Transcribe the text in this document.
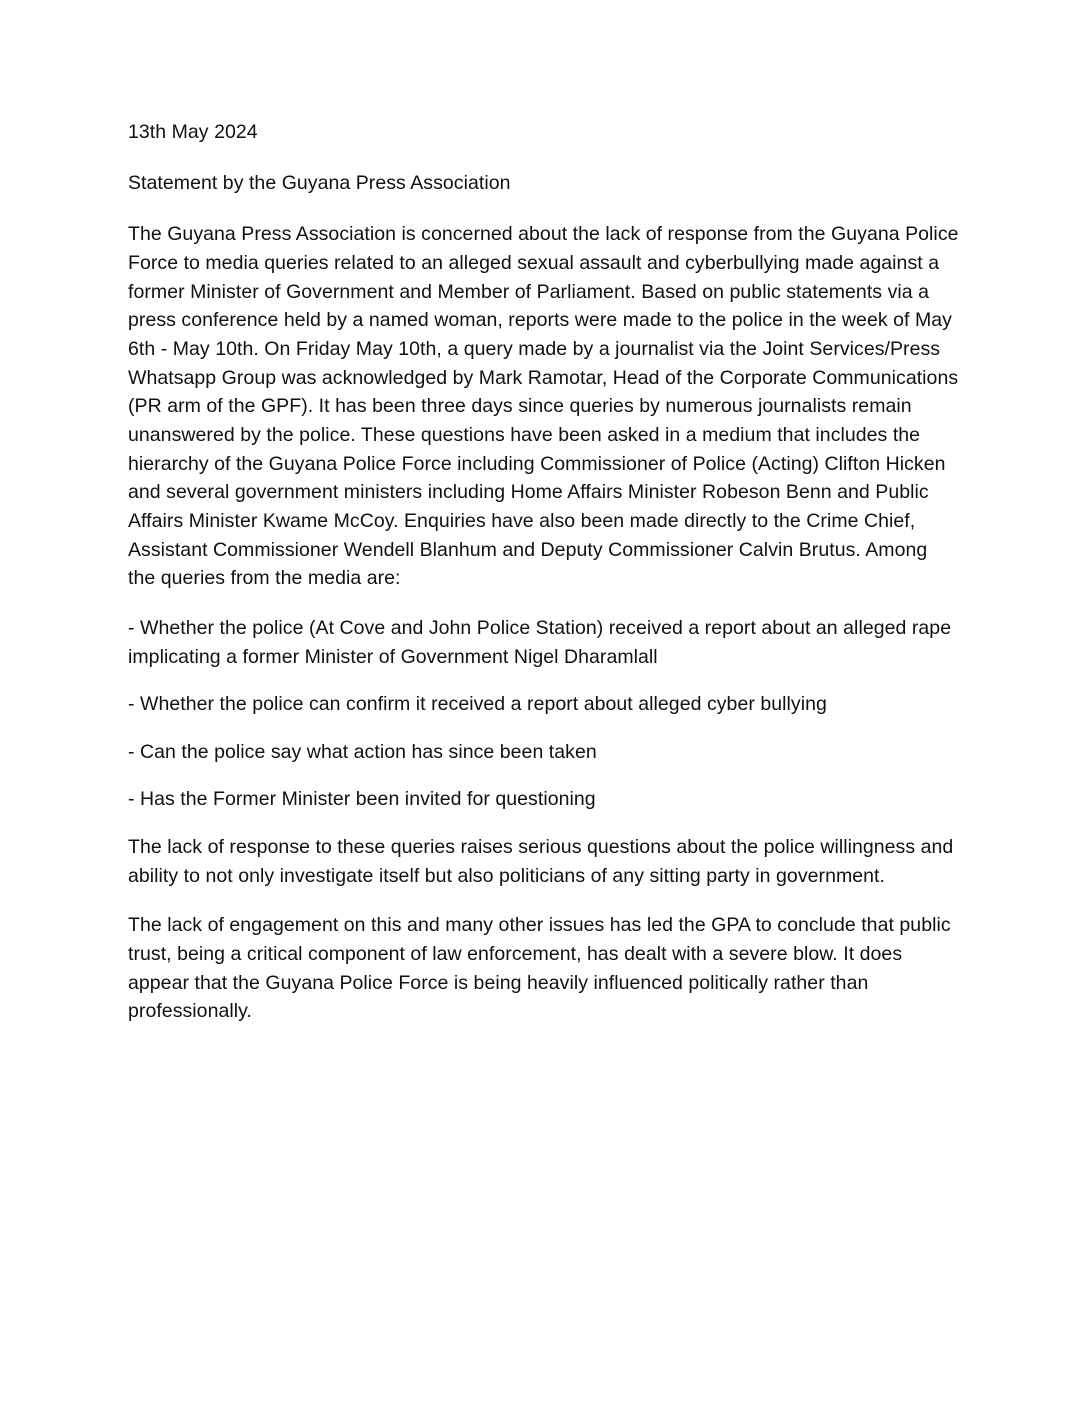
13th May 2024

Statement by the Guyana Press Association

The Guyana Press Association is concerned about the lack of response from the Guyana Police Force to media queries related to an alleged sexual assault and cyberbullying made against a former Minister of Government and Member of Parliament. Based on public statements via a press conference held by a named woman, reports were made to the police in the week of May 6th - May 10th. On Friday May 10th, a query made by a journalist via the Joint Services/Press Whatsapp Group was acknowledged by Mark Ramotar, Head of the Corporate Communications (PR arm of the GPF). It has been three days since queries by numerous journalists remain unanswered by the police. These questions have been asked in a medium that includes the hierarchy of the Guyana Police Force including Commissioner of Police (Acting) Clifton Hicken and several government ministers including Home Affairs Minister Robeson Benn and Public Affairs Minister Kwame McCoy. Enquiries have also been made directly to the Crime Chief, Assistant Commissioner Wendell Blanhum and Deputy Commissioner Calvin Brutus. Among the queries from the media are:

- Whether the police (At Cove and John Police Station) received a report about an alleged rape implicating a former Minister of Government Nigel Dharamlall

- Whether the police can confirm it received a report about alleged cyber bullying

- Can the police say what action has since been taken

- Has the Former Minister been invited for questioning

The lack of response to these queries raises serious questions about the police willingness and ability to not only investigate itself but also politicians of any sitting party in government.

The lack of engagement on this and many other issues has led the GPA to conclude that public trust, being a critical component of law enforcement, has dealt with a severe blow. It does appear that the Guyana Police Force is being heavily influenced politically rather than professionally.
